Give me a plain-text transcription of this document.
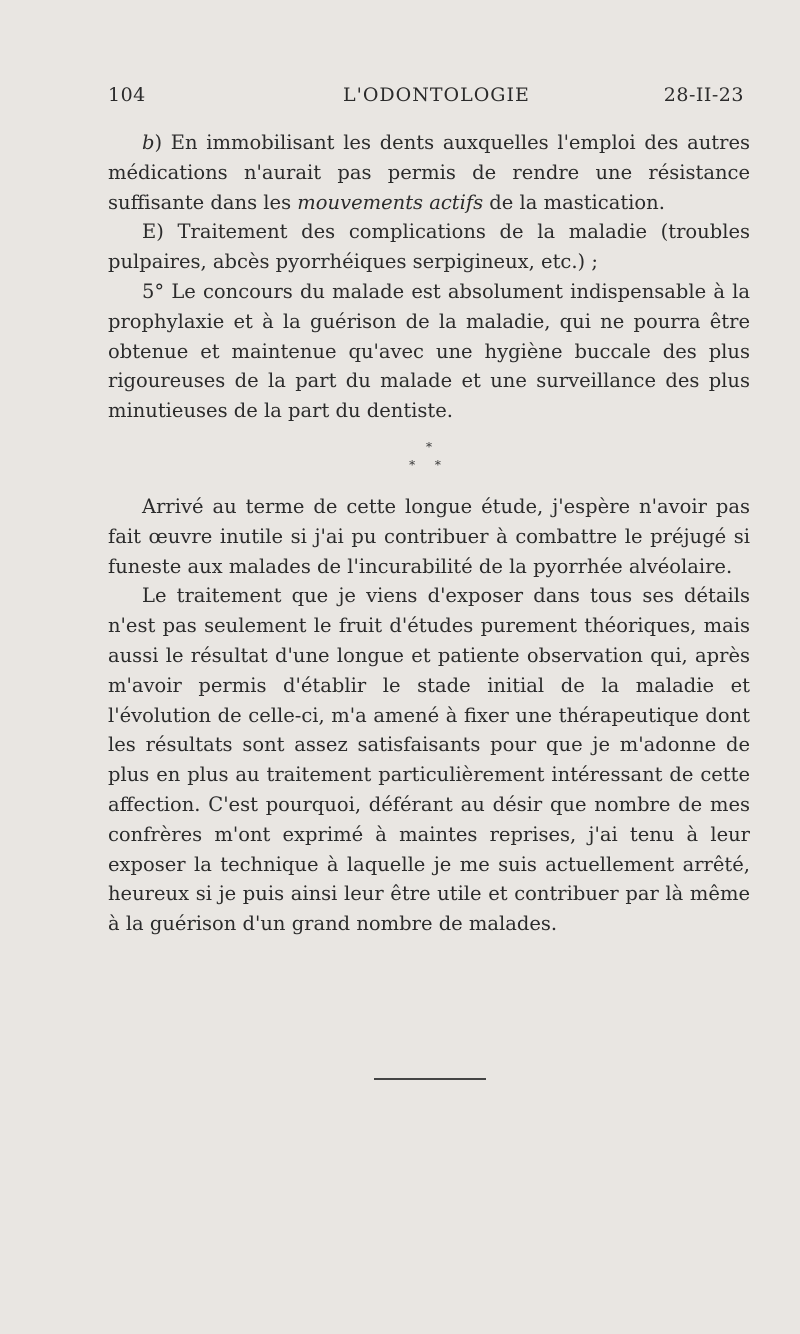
104	L'ODONTOLOGIE	28-II-23

b) En immobilisant les dents auxquelles l'emploi des autres médications n'aurait pas permis de rendre une résistance suffisante dans les mouvements actifs de la mastication.

E) Traitement des complications de la maladie (troubles pulpaires, abcès pyorrhéiques serpigineux, etc.) ;

5° Le concours du malade est absolument indispensable à la prophylaxie et à la guérison de la maladie, qui ne pourra être obtenue et maintenue qu'avec une hygiène buccale des plus rigoureuses de la part du malade et une surveillance des plus minutieuses de la part du dentiste.

*
* *

Arrivé au terme de cette longue étude, j'espère n'avoir pas fait œuvre inutile si j'ai pu contribuer à combattre le préjugé si funeste aux malades de l'incurabilité de la pyorrhée alvéolaire.

Le traitement que je viens d'exposer dans tous ses détails n'est pas seulement le fruit d'études purement théoriques, mais aussi le résultat d'une longue et patiente observation qui, après m'avoir permis d'établir le stade initial de la maladie et l'évolution de celle-ci, m'a amené à fixer une thérapeutique dont les résultats sont assez satisfaisants pour que je m'adonne de plus en plus au traitement particulièrement intéressant de cette affection. C'est pourquoi, déférant au désir que nombre de mes confrères m'ont exprimé à maintes reprises, j'ai tenu à leur exposer la technique à laquelle je me suis actuellement arrêté, heureux si je puis ainsi leur être utile et contribuer par là même à la guérison d'un grand nombre de malades.
